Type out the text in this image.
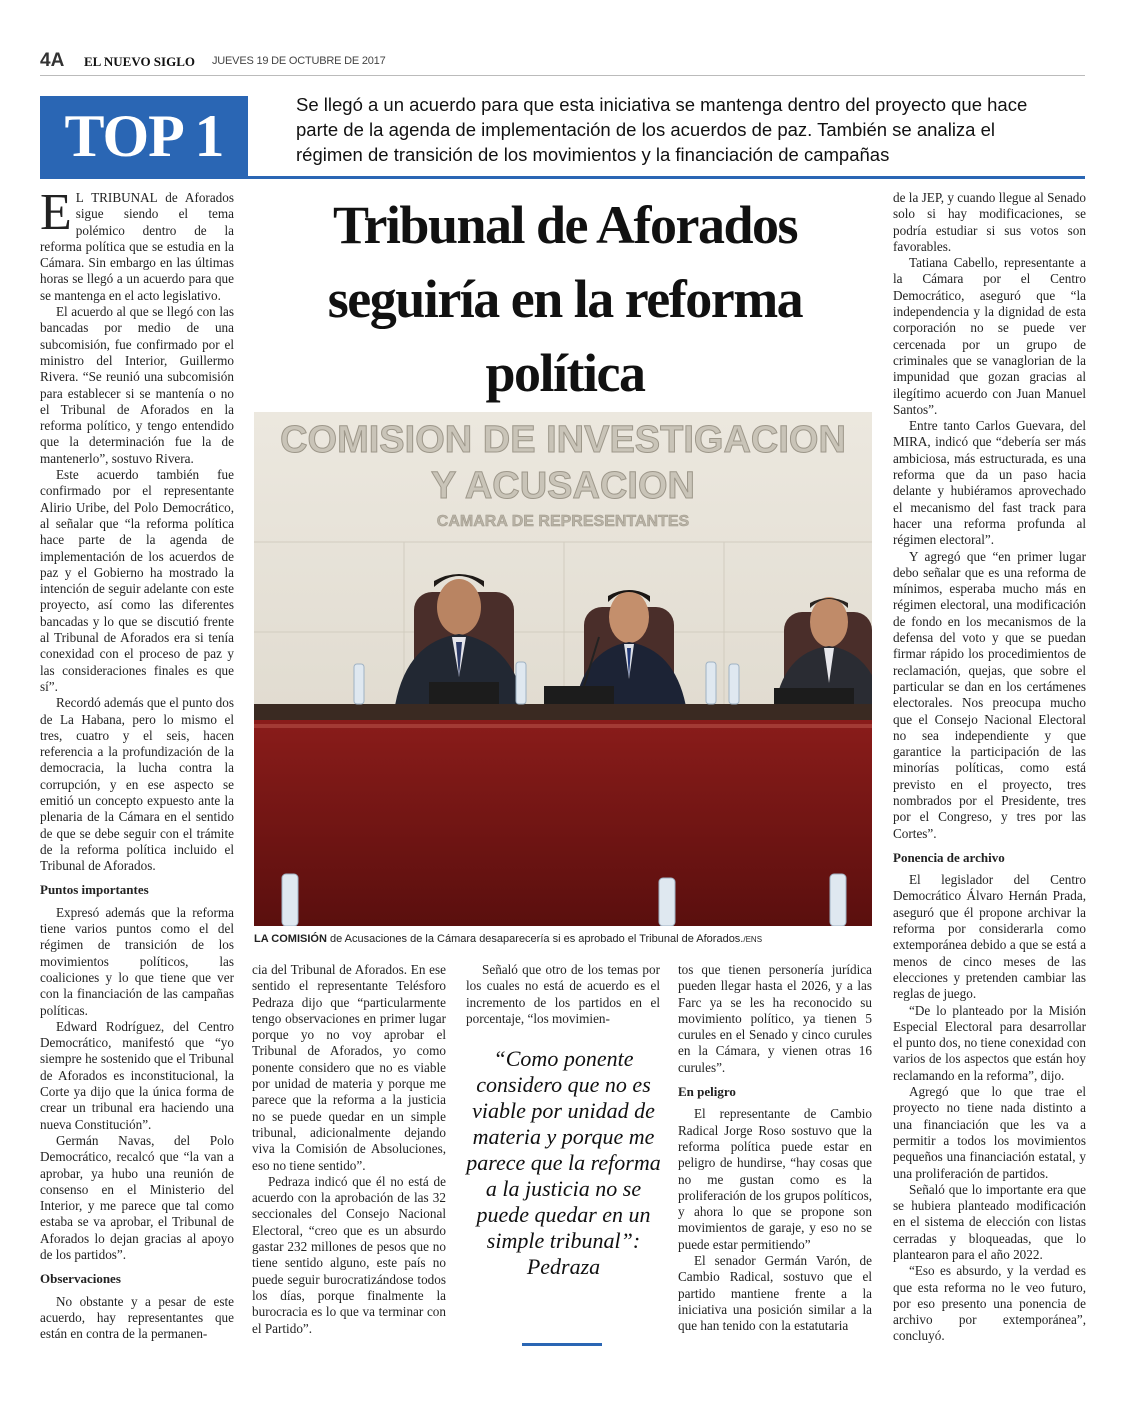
4A EL NUEVO SIGLO JUEVES 19 DE OCTUBRE DE 2017
TOP 1	Se llegó a un acuerdo para que esta iniciativa se mantenga dentro del proyecto que hace parte de la agenda de implementación de los acuerdos de paz. También se analiza el régimen de transición de los movimientos y la financiación de campañas
Tribunal de Aforados seguiría en la reforma política

E L TRIBUNAL de Aforados sigue siendo el tema polémico dentro de la reforma política que se estudia en la Cámara. Sin embargo en las últimas horas se llegó a un acuerdo para que se mantenga en el acto legislativo.

El acuerdo al que se llegó con las bancadas por medio de una subcomisión, fue confirmado por el ministro del Interior, Guillermo Rivera. “Se reunió una subcomisión para establecer si se mantenía o no el Tribunal de Aforados en la reforma político, y tengo entendido que la determinación fue la de mantenerlo”, sostuvo Rivera.

Este acuerdo también fue confirmado por el representante Alirio Uribe, del Polo Democrático, al señalar que “la reforma política hace parte de la agenda de implementación de los acuerdos de paz y el Gobierno ha mostrado la intención de seguir adelante con este proyecto, así como las diferentes bancadas y lo que se discutió frente al Tribunal de Aforados era si tenía conexidad con el proceso de paz y las consideraciones finales es que sí”.

Recordó además que el punto dos de La Habana, pero lo mismo el tres, cuatro y el seis, hacen referencia a la profundización de la democracia, la lucha contra la corrupción, y en ese aspecto se emitió un concepto expuesto ante la plenaria de la Cámara en el sentido de que se debe seguir con el trámite de la reforma política incluido el Tribunal de Aforados.

Puntos importantes

Expresó además que la reforma tiene varios puntos como el del régimen de transición de los movimientos políticos, las coaliciones y lo que tiene que ver con la financiación de las campañas políticas.

Edward Rodríguez, del Centro Democrático, manifestó que “yo siempre he sostenido que el Tribunal de Aforados es inconstitucional, la Corte ya dijo que la única forma de crear un tribunal era haciendo una nueva Constitución”.

Germán Navas, del Polo Democrático, recalcó que “la van a aprobar, ya hubo una reunión de consenso en el Ministerio del Interior, y me parece que tal como estaba se va aprobar, el Tribunal de Aforados lo dejan gracias al apoyo de los partidos”.

Observaciones

No obstante y a pesar de este acuerdo, hay representantes que están en contra de la permanen-

COMISION DE INVESTIGACION
Y ACUSACION
CAMARA DE REPRESENTANTES
LA COMISIÓN de Acusaciones de la Cámara desaparecería si es aprobado el Tribunal de Aforados./ENS

cia del Tribunal de Aforados. En ese sentido el representante Telésforo Pedraza dijo que “particularmente tengo observaciones en primer lugar porque yo no voy aprobar el Tribunal de Aforados, yo como ponente considero que no es viable por unidad de materia y porque me parece que la reforma a la justicia no se puede quedar en un simple tribunal, adicionalmente dejando viva la Comisión de Absoluciones, eso no tiene sentido”.

Pedraza indicó que él no está de acuerdo con la aprobación de las 32 seccionales del Consejo Nacional Electoral, “creo que es un absurdo gastar 232 millones de pesos que no tiene sentido alguno, este país no puede seguir burocratizándose todos los días, porque finalmente la burocracia es lo que va terminar con el Partido”.

Señaló que otro de los temas por los cuales no está de acuerdo es el incremento de los partidos en el porcentaje, “los movimien-

“Como ponente considero que no es viable por unidad de materia y porque me parece que la reforma a la justicia no se puede quedar en un simple tribunal”: Pedraza

tos que tienen personería jurídica pueden llegar hasta el 2026, y a las Farc ya se les ha reconocido su movimiento político, ya tienen 5 curules en el Senado y cinco curules en la Cámara, y vienen otras 16 curules”.

En peligro

El representante de Cambio Radical Jorge Roso sostuvo que la reforma política puede estar en peligro de hundirse, “hay cosas que no me gustan como es la proliferación de los grupos políticos, y ahora lo que se propone son movimientos de garaje, y eso no se puede estar permitiendo”

El senador Germán Varón, de Cambio Radical, sostuvo que el partido mantiene frente a la iniciativa una posición similar a la que han tenido con la estatutaria

de la JEP, y cuando llegue al Senado solo si hay modificaciones, se podría estudiar si sus votos son favorables.

Tatiana Cabello, representante a la Cámara por el Centro Democrático, aseguró que “la independencia y la dignidad de esta corporación no se puede ver cercenada por un grupo de criminales que se vanaglorian de la impunidad que gozan gracias al ilegítimo acuerdo con Juan Manuel Santos”.

Entre tanto Carlos Guevara, del MIRA, indicó que “debería ser más ambiciosa, más estructurada, es una reforma que da un paso hacia delante y hubiéramos aprovechado el mecanismo del fast track para hacer una reforma profunda al régimen electoral”.

Y agregó que “en primer lugar debo señalar que es una reforma de mínimos, esperaba mucho más en régimen electoral, una modificación de fondo en los mecanismos de la defensa del voto y que se puedan firmar rápido los procedimientos de reclamación, quejas, que sobre el particular se dan en los certámenes electorales. Nos preocupa mucho que el Consejo Nacional Electoral no sea independiente y que garantice la participación de las minorías políticas, como está previsto en el proyecto, tres nombrados por el Presidente, tres por el Congreso, y tres por las Cortes”.

Ponencia de archivo

El legislador del Centro Democrático Álvaro Hernán Prada, aseguró que él propone archivar la reforma por considerarla como extemporánea debido a que se está a menos de cinco meses de las elecciones y pretenden cambiar las reglas de juego.

“De lo planteado por la Misión Especial Electoral para desarrollar el punto dos, no tiene conexidad con varios de los aspectos que están hoy reclamando en la reforma”, dijo.

Agregó que lo que trae el proyecto no tiene nada distinto a una financiación que les va a permitir a todos los movimientos pequeños una financiación estatal, y una proliferación de partidos.

Señaló que lo importante era que se hubiera planteado modificación en el sistema de elección con listas cerradas y bloqueadas, que lo plantearon para el año 2022.

“Eso es absurdo, y la verdad es que esta reforma no le veo futuro, por eso presento una ponencia de archivo por extemporánea”, concluyó.
